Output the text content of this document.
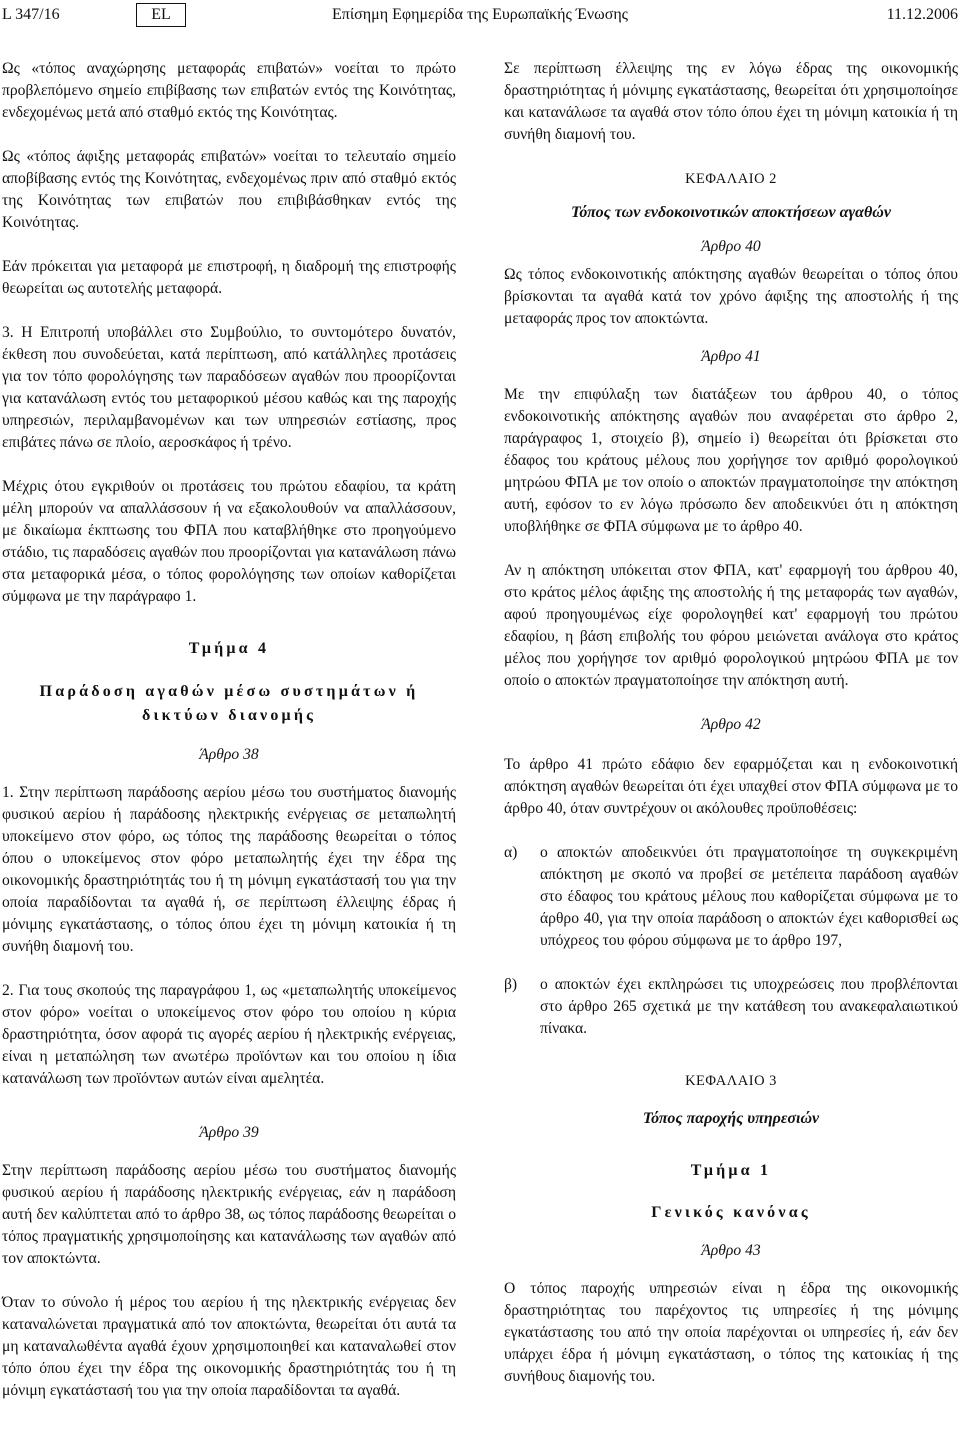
L 347/16	EL	Επίσημη Εφημερίδα της Ευρωπαϊκής Ένωσης	11.12.2006

Ως «τόπος αναχώρησης μεταφοράς επιβατών» νοείται το πρώτο προβλεπόμενο σημείο επιβίβασης των επιβατών εντός της Κοινότητας, ενδεχομένως μετά από σταθμό εκτός της Κοινότητας.

Ως «τόπος άφιξης μεταφοράς επιβατών» νοείται το τελευταίο σημείο αποβίβασης εντός της Κοινότητας, ενδεχομένως πριν από σταθμό εκτός της Κοινότητας των επιβατών που επιβιβάσθηκαν εντός της Κοινότητας.

Εάν πρόκειται για μεταφορά με επιστροφή, η διαδρομή της επιστροφής θεωρείται ως αυτοτελής μεταφορά.

3. Η Επιτροπή υποβάλλει στο Συμβούλιο, το συντομότερο δυνατόν, έκθεση που συνοδεύεται, κατά περίπτωση, από κατάλληλες προτάσεις για τον τόπο φορολόγησης των παραδόσεων αγαθών που προορίζονται για κατανάλωση εντός του μεταφορικού μέσου καθώς και της παροχής υπηρεσιών, περιλαμβανομένων και των υπηρεσιών εστίασης, προς επιβάτες πάνω σε πλοίο, αεροσκάφος ή τρένο.

Μέχρις ότου εγκριθούν οι προτάσεις του πρώτου εδαφίου, τα κράτη μέλη μπορούν να απαλλάσσουν ή να εξακολουθούν να απαλλάσσουν, με δικαίωμα έκπτωσης του ΦΠΑ που καταβλήθηκε στο προηγούμενο στάδιο, τις παραδόσεις αγαθών που προορίζονται για κατανάλωση πάνω στα μεταφορικά μέσα, ο τόπος φορολόγησης των οποίων καθορίζεται σύμφωνα με την παράγραφο 1.

Τμήμα 4

Παράδοση αγαθών μέσω συστημάτων ή δικτύων διανομής

Άρθρο 38

1. Στην περίπτωση παράδοσης αερίου μέσω του συστήματος διανομής φυσικού αερίου ή παράδοσης ηλεκτρικής ενέργειας σε μεταπωλητή υποκείμενο στον φόρο, ως τόπος της παράδοσης θεωρείται ο τόπος όπου ο υποκείμενος στον φόρο μεταπωλητής έχει την έδρα της οικονομικής δραστηριότητάς του ή τη μόνιμη εγκατάστασή του για την οποία παραδίδονται τα αγαθά ή, σε περίπτωση έλλειψης έδρας ή μόνιμης εγκατάστασης, ο τόπος όπου έχει τη μόνιμη κατοικία ή τη συνήθη διαμονή του.

2. Για τους σκοπούς της παραγράφου 1, ως «μεταπωλητής υποκείμενος στον φόρο» νοείται ο υποκείμενος στον φόρο του οποίου η κύρια δραστηριότητα, όσον αφορά τις αγορές αερίου ή ηλεκτρικής ενέργειας, είναι η μεταπώληση των ανωτέρω προϊόντων και του οποίου η ίδια κατανάλωση των προϊόντων αυτών είναι αμελητέα.

Άρθρο 39

Στην περίπτωση παράδοσης αερίου μέσω του συστήματος διανομής φυσικού αερίου ή παράδοσης ηλεκτρικής ενέργειας, εάν η παράδοση αυτή δεν καλύπτεται από το άρθρο 38, ως τόπος παράδοσης θεωρείται ο τόπος πραγματικής χρησιμοποίησης και κατανάλωσης των αγαθών από τον αποκτώντα.

Όταν το σύνολο ή μέρος του αερίου ή της ηλεκτρικής ενέργειας δεν καταναλώνεται πραγματικά από τον αποκτώντα, θεωρείται ότι αυτά τα μη καταναλωθέντα αγαθά έχουν χρησιμοποιηθεί και καταναλωθεί στον τόπο όπου έχει την έδρα της οικονομικής δραστηριότητάς του ή τη μόνιμη εγκατάστασή του για την οποία παραδίδονται τα αγαθά.

Σε περίπτωση έλλειψης της εν λόγω έδρας της οικονομικής δραστηριότητας ή μόνιμης εγκατάστασης, θεωρείται ότι χρησιμοποίησε και κατανάλωσε τα αγαθά στον τόπο όπου έχει τη μόνιμη κατοικία ή τη συνήθη διαμονή του.

ΚΕΦΑΛΑΙΟ 2

Τόπος των ενδοκοινοτικών αποκτήσεων αγαθών

Άρθρο 40

Ως τόπος ενδοκοινοτικής απόκτησης αγαθών θεωρείται ο τόπος όπου βρίσκονται τα αγαθά κατά τον χρόνο άφιξης της αποστολής ή της μεταφοράς προς τον αποκτώντα.

Άρθρο 41

Με την επιφύλαξη των διατάξεων του άρθρου 40, ο τόπος ενδοκοινοτικής απόκτησης αγαθών που αναφέρεται στο άρθρο 2, παράγραφος 1, στοιχείο β), σημείο i) θεωρείται ότι βρίσκεται στο έδαφος του κράτους μέλους που χορήγησε τον αριθμό φορολογικού μητρώου ΦΠΑ με τον οποίο ο αποκτών πραγματοποίησε την απόκτηση αυτή, εφόσον το εν λόγω πρόσωπο δεν αποδεικνύει ότι η απόκτηση υποβλήθηκε σε ΦΠΑ σύμφωνα με το άρθρο 40.

Αν η απόκτηση υπόκειται στον ΦΠΑ, κατ' εφαρμογή του άρθρου 40, στο κράτος μέλος άφιξης της αποστολής ή της μεταφοράς των αγαθών, αφού προηγουμένως είχε φορολογηθεί κατ' εφαρμογή του πρώτου εδαφίου, η βάση επιβολής του φόρου μειώνεται ανάλογα στο κράτος μέλος που χορήγησε τον αριθμό φορολογικού μητρώου ΦΠΑ με τον οποίο ο αποκτών πραγματοποίησε την απόκτηση αυτή.

Άρθρο 42

Το άρθρο 41 πρώτο εδάφιο δεν εφαρμόζεται και η ενδοκοινοτική απόκτηση αγαθών θεωρείται ότι έχει υπαχθεί στον ΦΠΑ σύμφωνα με το άρθρο 40, όταν συντρέχουν οι ακόλουθες προϋποθέσεις:

α)	ο αποκτών αποδεικνύει ότι πραγματοποίησε τη συγκεκριμένη απόκτηση με σκοπό να προβεί σε μετέπειτα παράδοση αγαθών στο έδαφος του κράτους μέλους που καθορίζεται σύμφωνα με το άρθρο 40, για την οποία παράδοση ο αποκτών έχει καθορισθεί ως υπόχρεος του φόρου σύμφωνα με το άρθρο 197,

β)	ο αποκτών έχει εκπληρώσει τις υποχρεώσεις που προβλέπονται στο άρθρο 265 σχετικά με την κατάθεση του ανακεφαλαιωτικού πίνακα.

ΚΕΦΑΛΑΙΟ 3

Τόπος παροχής υπηρεσιών

Τμήμα 1

Γενικός κανόνας

Άρθρο 43

Ο τόπος παροχής υπηρεσιών είναι η έδρα της οικονομικής δραστηριότητας του παρέχοντος τις υπηρεσίες ή της μόνιμης εγκατάστασης του από την οποία παρέχονται οι υπηρεσίες ή, εάν δεν υπάρχει έδρα ή μόνιμη εγκατάσταση, ο τόπος της κατοικίας ή της συνήθους διαμονής του.
